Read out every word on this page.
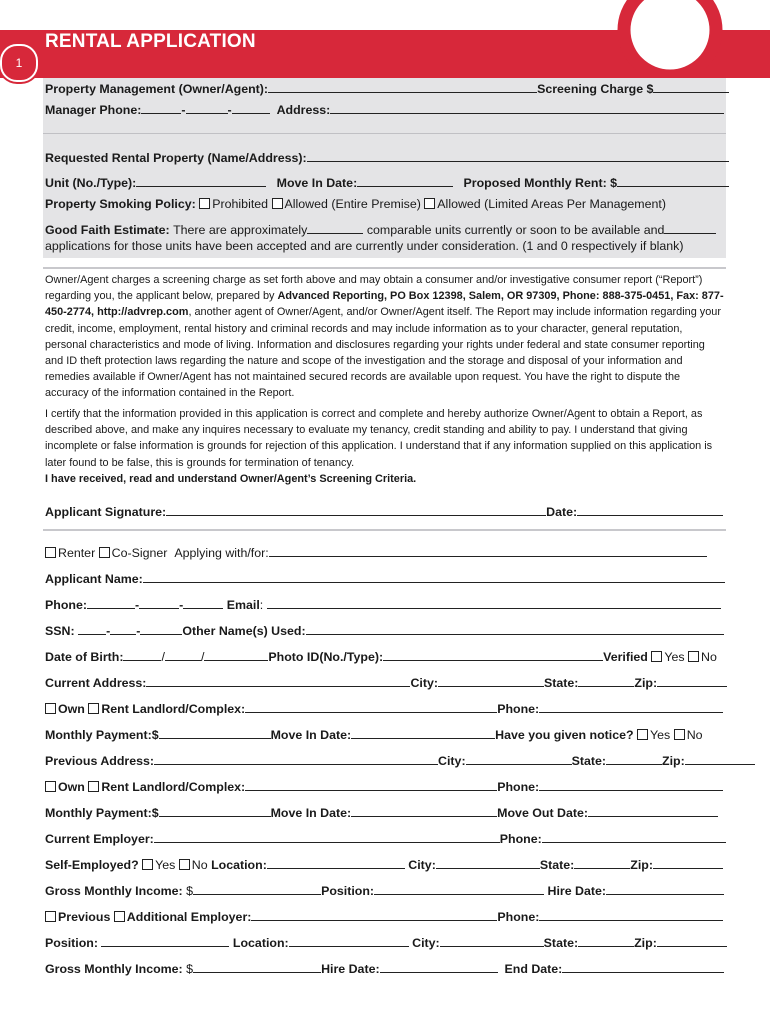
RENTAL APPLICATION
1
Property Management (Owner/Agent):	Screening Charge $
Manager Phone:	-	-	Address:
Requested Rental Property (Name/Address):
Unit (No./Type):	Move In Date:	Proposed Monthly Rent: $
Property Smoking Policy: Prohibited Allowed (Entire Premise) Allowed (Limited Areas Per Management)
Good Faith Estimate: There are approximately	comparable units currently or soon to be available and
applications for those units have been accepted and are currently under consideration. (1 and 0 respectively if blank)
Owner/Agent charges a screening charge as set forth above and may obtain a consumer and/or investigative consumer report (“Report”) regarding you, the applicant below, prepared by Advanced Reporting, PO Box 12398, Salem, OR 97309, Phone: 888-375-0451, Fax: 877-450-2774, http://advrep.com, another agent of Owner/Agent, and/or Owner/Agent itself. The Report may include information regarding your credit, income, employment, rental history and criminal records and may include information as to your character, general reputation, personal characteristics and mode of living. Information and disclosures regarding your rights under federal and state consumer reporting and ID theft protection laws regarding the nature and scope of the investigation and the storage and disposal of your information and remedies available if Owner/Agent has not maintained secured records are available upon request. You have the right to dispute the accuracy of the information contained in the Report.
I certify that the information provided in this application is correct and complete and hereby authorize Owner/Agent to obtain a Report, as described above, and make any inquires necessary to evaluate my tenancy, credit standing and ability to pay. I understand that giving incomplete or false information is grounds for rejection of this application. I understand that if any information supplied on this application is later found to be false, this is grounds for termination of tenancy.
I have received, read and understand Owner/Agent’s Screening Criteria.
Applicant Signature:	Date:
Renter Co-Signer Applying with/for:
Applicant Name:
Phone:	-	-	Email:
SSN:	- -	Other Name(s) Used:
Date of Birth:	/	/	Photo ID(No./Type):	Verified Yes No
Current Address:	City:	State:	Zip:
Own Rent Landlord/Complex:	Phone:
Monthly Payment:$	Move In Date:	Have you given notice? Yes No
Previous Address:	City:	State:	Zip:
Own Rent Landlord/Complex:	Phone:
Monthly Payment:$	Move In Date:	Move Out Date:
Current Employer:	Phone:
Self-Employed? Yes No Location:	City:	State:	Zip:
Gross Monthly Income: $	Position:	Hire Date:
Previous Additional Employer:	Phone:
Position:	Location:	City:	State:	Zip:
Gross Monthly Income: $	Hire Date:	End Date:
